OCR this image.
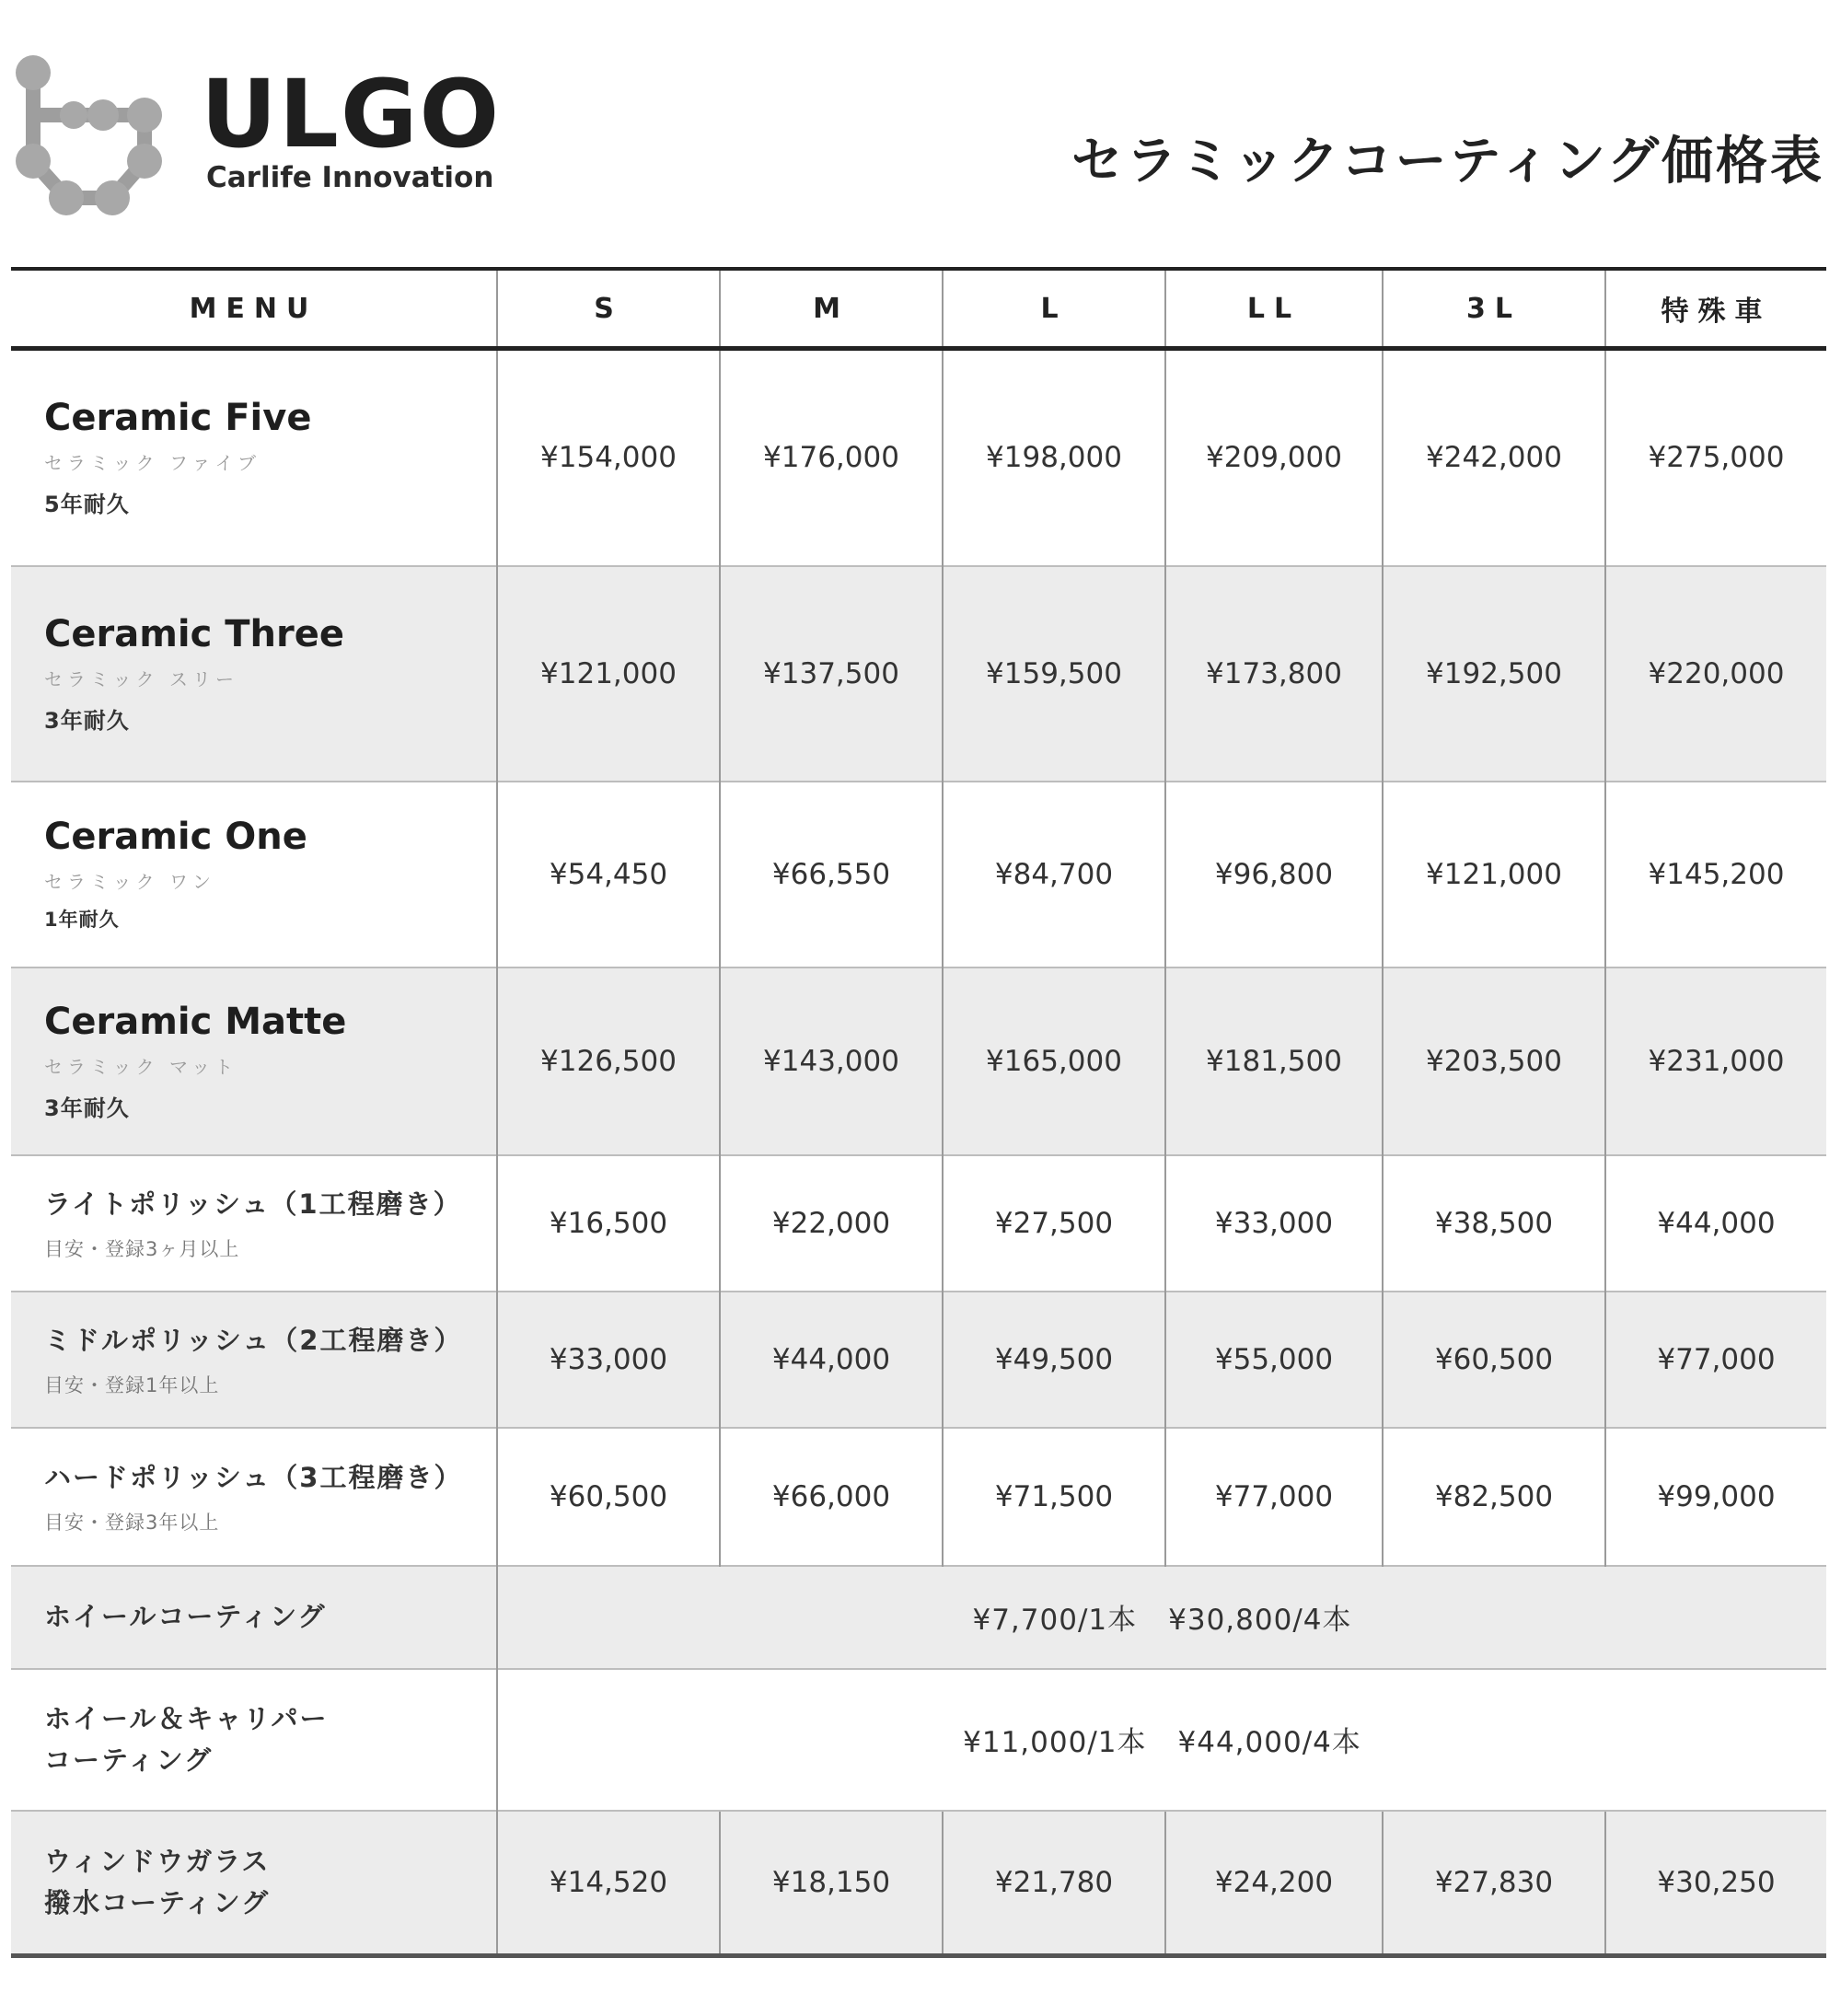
ULGO
Carlife Innovation	セラミックコーティング価格表
MENU	S	M	L	LL	3L	特殊車

Ceramic Five
セラミック ファイブ
5年耐久	¥154,000	¥176,000	¥198,000	¥209,000	¥242,000	¥275,000

Ceramic Three
セラミック スリー
3年耐久	¥121,000	¥137,500	¥159,500	¥173,800	¥192,500	¥220,000

Ceramic One
セラミック ワン
1年耐久	¥54,450	¥66,550	¥84,700	¥96,800	¥121,000	¥145,200

Ceramic Matte
セラミック マット
3年耐久	¥126,500	¥143,000	¥165,000	¥181,500	¥203,500	¥231,000

ライトポリッシュ（1工程磨き）
目安・登録3ヶ月以上	¥16,500	¥22,000	¥27,500	¥33,000	¥38,500	¥44,000

ミドルポリッシュ（2工程磨き）
目安・登録1年以上	¥33,000	¥44,000	¥49,500	¥55,000	¥60,500	¥77,000

ハードポリッシュ（3工程磨き）
目安・登録3年以上	¥60,500	¥66,000	¥71,500	¥77,000	¥82,500	¥99,000

ホイールコーティング	¥7,700/1本 ¥30,800/4本					

ホイール＆キャリパー
コーティング	¥11,000/1本 ¥44,000/4本					

ウィンドウガラス
撥水コーティング	¥14,520	¥18,150	¥21,780	¥24,200	¥27,830	¥30,250
